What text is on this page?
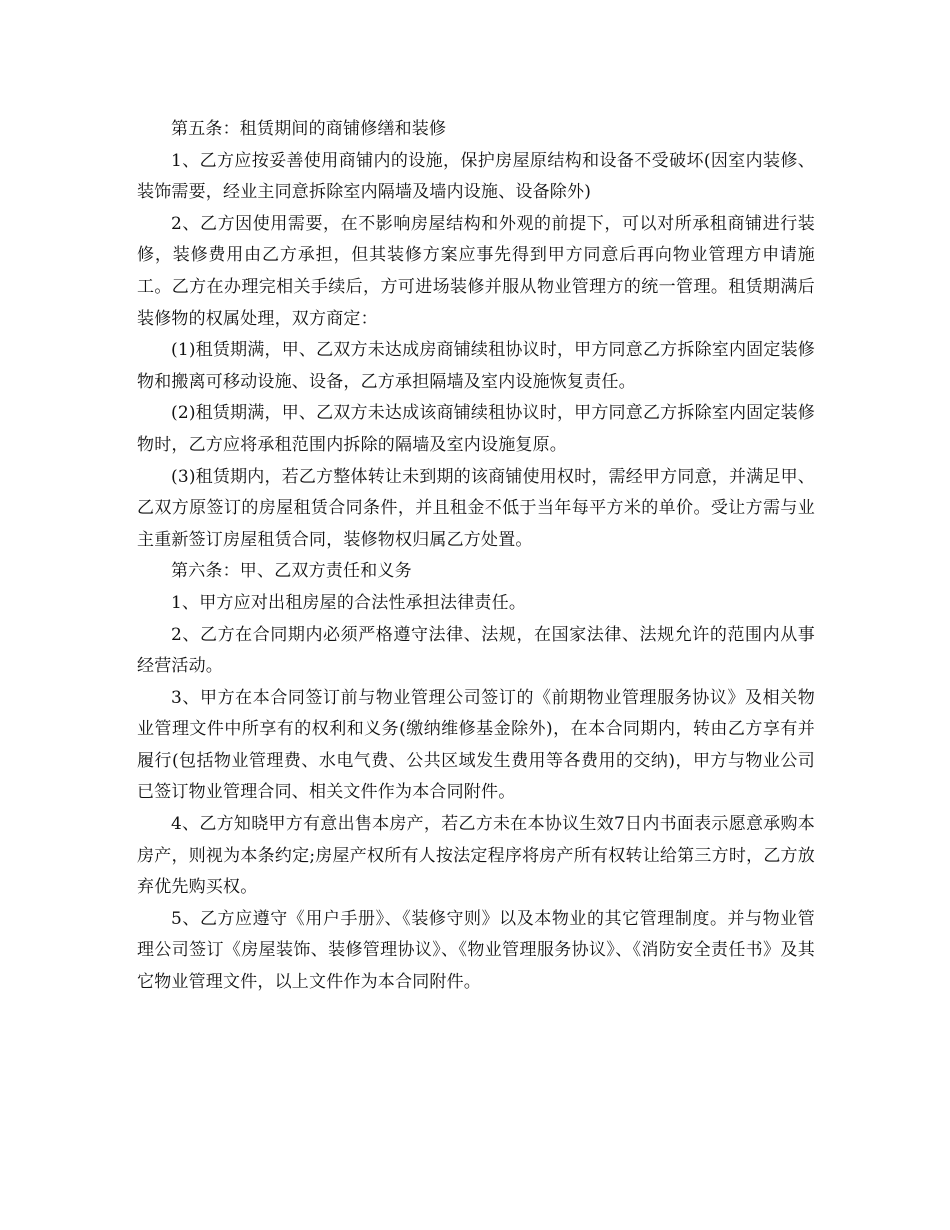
第五条：租赁期间的商铺修缮和装修

1、乙方应按妥善使用商铺内的设施，保护房屋原结构和设备不受破坏(因室内装修、装饰需要，经业主同意拆除室内隔墙及墙内设施、设备除外)

2、乙方因使用需要，在不影响房屋结构和外观的前提下，可以对所承租商铺进行装修，装修费用由乙方承担，但其装修方案应事先得到甲方同意后再向物业管理方申请施工。乙方在办理完相关手续后，方可进场装修并服从物业管理方的统一管理。租赁期满后装修物的权属处理，双方商定：

(1)租赁期满，甲、乙双方未达成房商铺续租协议时，甲方同意乙方拆除室内固定装修物和搬离可移动设施、设备，乙方承担隔墙及室内设施恢复责任。

(2)租赁期满，甲、乙双方未达成该商铺续租协议时，甲方同意乙方拆除室内固定装修物时，乙方应将承租范围内拆除的隔墙及室内设施复原。

(3)租赁期内，若乙方整体转让未到期的该商铺使用权时，需经甲方同意，并满足甲、乙双方原签订的房屋租赁合同条件，并且租金不低于当年每平方米的单价。受让方需与业主重新签订房屋租赁合同，装修物权归属乙方处置。

第六条：甲、乙双方责任和义务

1、甲方应对出租房屋的合法性承担法律责任。

2、乙方在合同期内必须严格遵守法律、法规，在国家法律、法规允许的范围内从事经营活动。

3、甲方在本合同签订前与物业管理公司签订的《前期物业管理服务协议》及相关物业管理文件中所享有的权利和义务(缴纳维修基金除外)，在本合同期内，转由乙方享有并履行(包括物业管理费、水电气费、公共区域发生费用等各费用的交纳)，甲方与物业公司已签订物业管理合同、相关文件作为本合同附件。

4、乙方知晓甲方有意出售本房产，若乙方未在本协议生效7日内书面表示愿意承购本房产，则视为本条约定;房屋产权所有人按法定程序将房产所有权转让给第三方时，乙方放弃优先购买权。

5、乙方应遵守《用户手册》、《装修守则》以及本物业的其它管理制度。并与物业管理公司签订《房屋装饰、装修管理协议》、《物业管理服务协议》、《消防安全责任书》及其它物业管理文件，以上文件作为本合同附件。
